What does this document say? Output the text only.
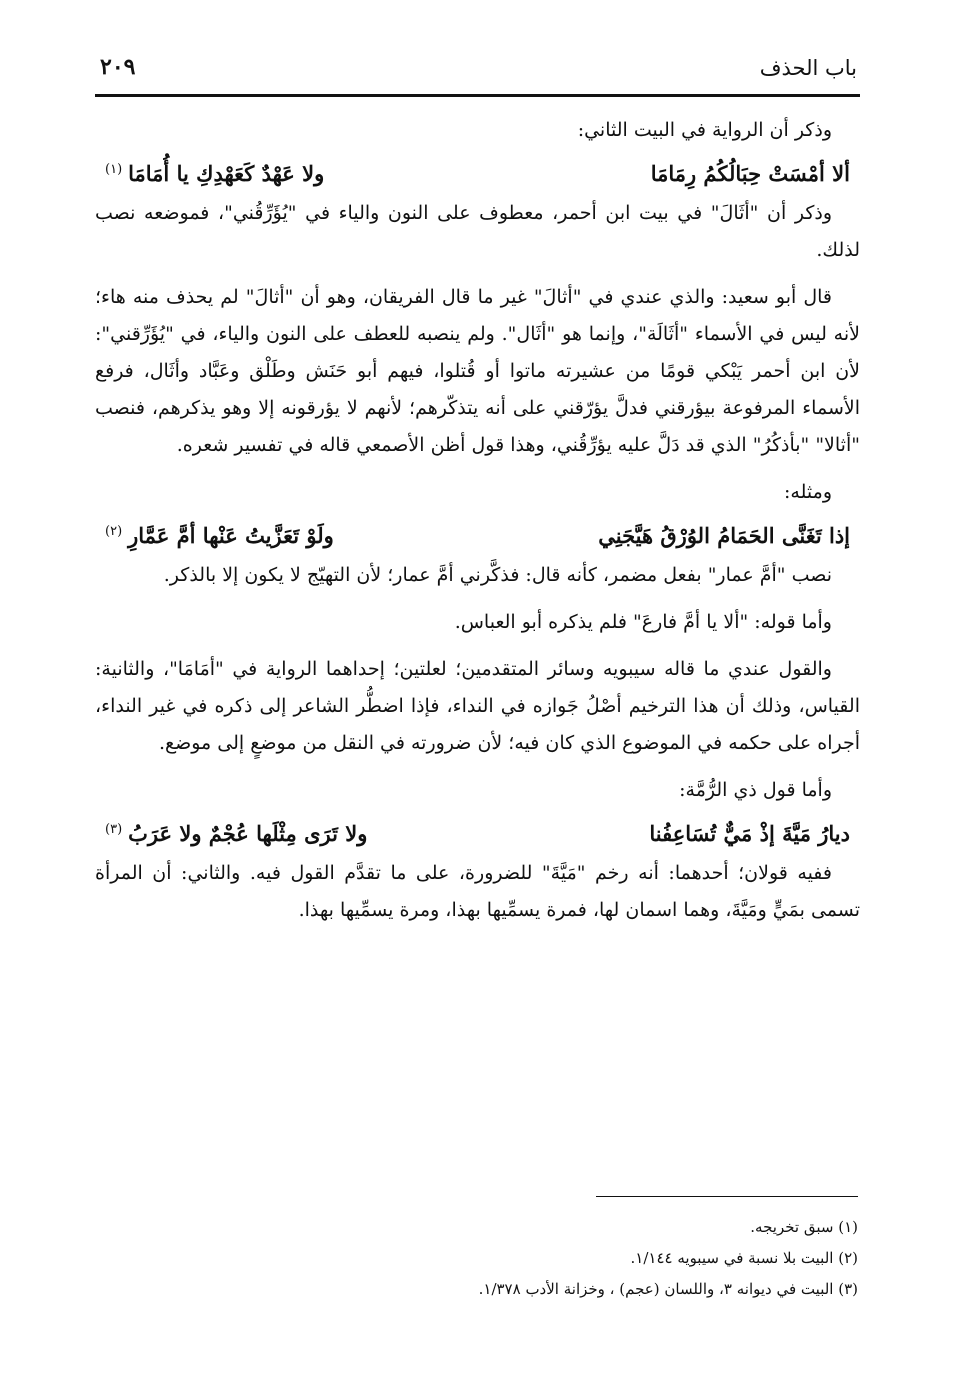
باب الحذف
٢٠٩

وذكر أن الرواية في البيت الثاني:

ألا أمْسَتْ حِبَالُكُمُ رِمَامَا
ولا عَهْدٌ كَعَهْدِكِ يا أُمَامَا$^{(١)}$

وذكر أن "أثَالَ" في بيت ابن أحمر، معطوف على النون والياء في "يُؤَرِّقُني"، فموضعه نصب لذلك.

قال أبو سعيد: والذي عندي في "أثالَ" غير ما قال الفريقان، وهو أن "أثالَ" لم يحذف منه هاء؛ لأنه ليس في الأسماء "أثَالَة"، وإنما هو "أثَال". ولم ينصبه للعطف على النون والياء، في "يُؤَرِّقني": لأن ابن أحمر يَبْكي قومًا من عشيرته ماتوا أو قُتلوا، فيهم أبو حَنَش وطَلْق وعَبَّاد وأثَال، فرفع الأسماء المرفوعة بيؤرقني فدلَّ يؤرّقني على أنه يتذكّرهم؛ لأنهم لا يؤرقونه إلا وهو يذكرهم، فنصب "أثالا" "بأذكُرُ" الذي قد دَلَّ عليه يؤرِّقُني، وهذا قول أظن الأصمعي قاله في تفسير شعره.

ومثله:

إذا تَغَنَّى الحَمَامُ الوُرْقُ هَيَّجَنِي
ولَوْ تَعَزَّيتُ عَنْها أمَّ عَمَّارِ$^{(٢)}$

نصب "أمَّ عمار" بفعل مضمر، كأنه قال: فذكَّرني أمَّ عمار؛ لأن التهيّج لا يكون إلا بالذكر.

وأما قوله: "ألا يا أمَّ فارعَ" فلم يذكره أبو العباس.

والقول عندي ما قاله سيبويه وسائر المتقدمين؛ لعلتين؛ إحداهما الرواية في "أمَامَا"، والثانية: القياس، وذلك أن هذا الترخيم أصْلُ جَوازه في النداء، فإذا اضطُّر الشاعر إلى ذكره في غير النداء، أجراه على حكمه في الموضوع الذي كان فيه؛ لأن ضرورته في النقل من موضعٍ إلى موضع.

وأما قول ذي الرُّمَّة:

ديارُ مَيَّةَ إذْ مَيٌّ تُسَاعِفُنا
ولا تَرَى مِثْلَها عُجْمٌ ولا عَرَبُ$^{(٣)}$

ففيه قولان؛ أحدهما: أنه رخم "مَيَّةَ" للضرورة، على ما تقدَّم القول فيه. والثاني: أن المرأة تسمى بمَيٍّ ومَيَّةَ، وهما اسمان لها، فمرة يسمِّيها بهذا، ومرة يسمِّيها بهذا.

(١) سبق تخريجه.

(٢) البيت بلا نسبة في سيبويه ١/١٤٤.

(٣) البيت في ديوانه ٣، واللسان (عجم) ، وخزانة الأدب ١/٣٧٨.
